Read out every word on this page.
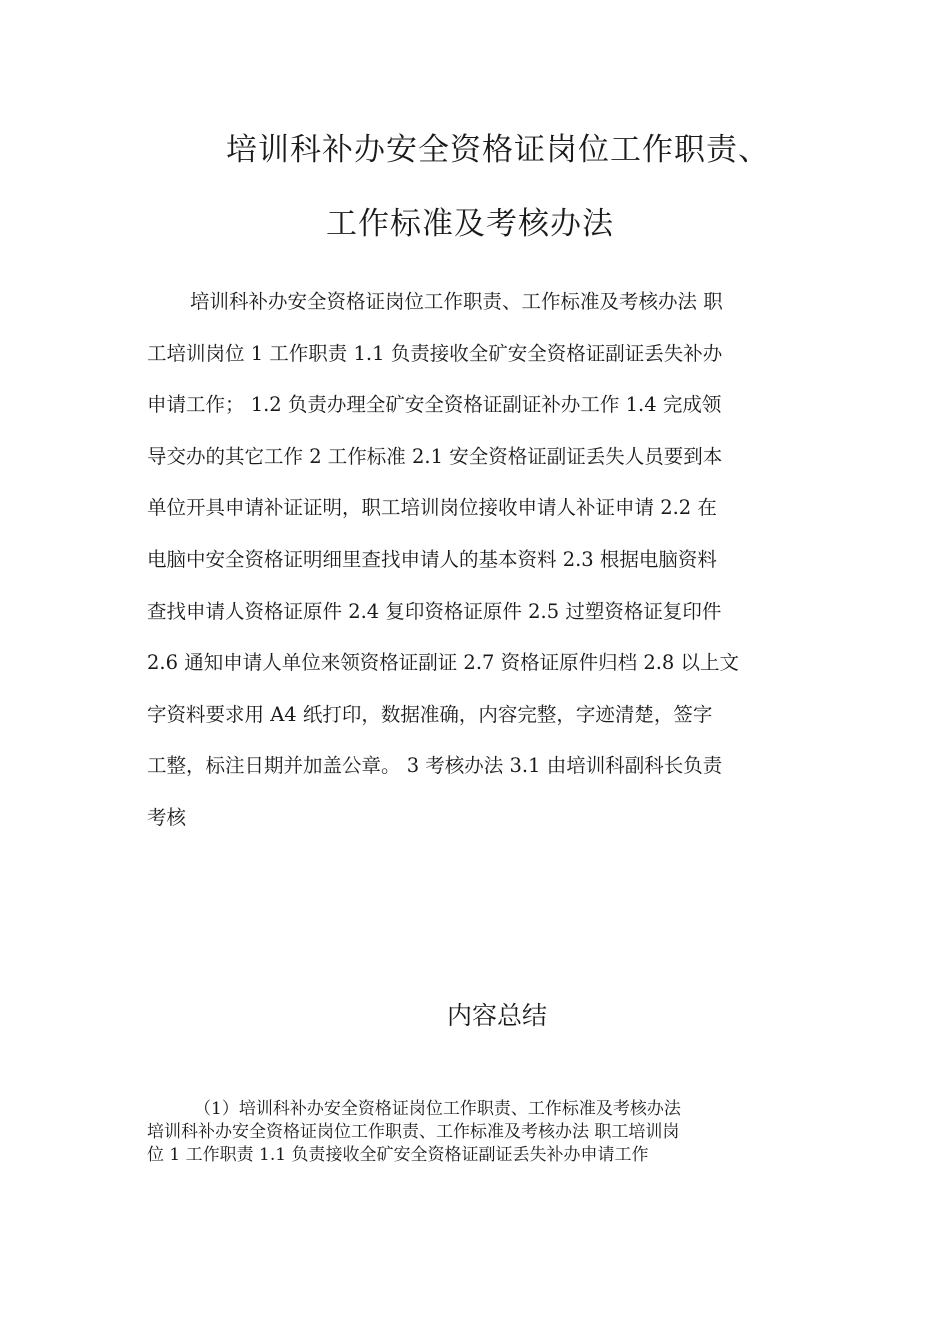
培训科补办安全资格证岗位工作职责、
工作标准及考核办法
培训科补办安全资格证岗位工作职责、工作标准及考核办法 职
工培训岗位 1 工作职责 1.1 负责接收全矿安全资格证副证丢失补办
申请工作； 1.2 负责办理全矿安全资格证副证补办工作 1.4 完成领
导交办的其它工作 2 工作标准 2.1 安全资格证副证丢失人员要到本
单位开具申请补证证明，职工培训岗位接收申请人补证申请 2.2 在
电脑中安全资格证明细里查找申请人的基本资料 2.3 根据电脑资料
查找申请人资格证原件 2.4 复印资格证原件 2.5 过塑资格证复印件
2.6 通知申请人单位来领资格证副证 2.7 资格证原件归档 2.8 以上文
字资料要求用 A4 纸打印，数据准确，内容完整，字迹清楚，签字
工整，标注日期并加盖公章。 3 考核办法 3.1 由培训科副科长负责
考核
内容总结
（1）培训科补办安全资格证岗位工作职责、工作标准及考核办法
培训科补办安全资格证岗位工作职责、工作标准及考核办法 职工培训岗
位 1 工作职责 1.1 负责接收全矿安全资格证副证丢失补办申请工作
